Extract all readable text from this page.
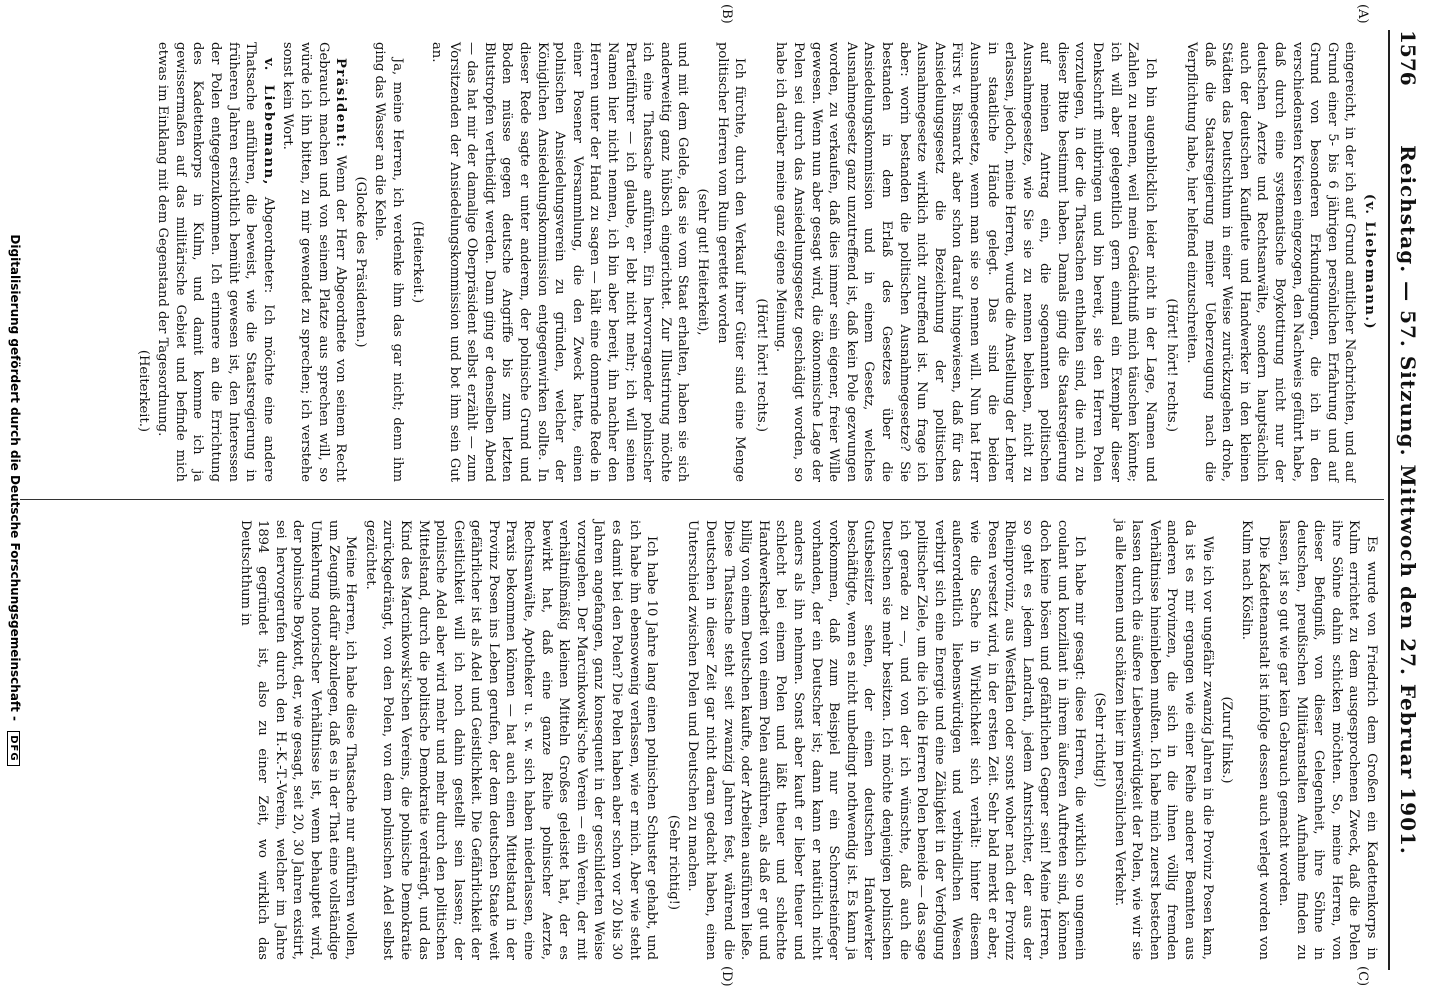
1576
Reichstag. — 57. Sitzung. Mittwoch den 27. Februar 1901.
(A)
(B)
(C)
(D)

(v. Liebemann.)

eingereicht, in der ich auf Grund amtlicher Nachrichten, und auf Grund einer 5- bis 6 jährigen persönlichen Erfahrung und auf Grund von besonderen Erkundigungen, die ich in den verschiedensten Kreisen eingezogen, den Nachweis geführt habe, daß durch eine systematische Boykottirung nicht nur der deutschen Aerzte und Rechtsanwälte, sondern hauptsächlich auch der deutschen Kaufleute und Handwerker in den kleinen Städten das Deutschthum in einer Weise zurückzugehen drohe, daß die Staatsregierung meiner Ueberzeugung nach die Verpflichtung habe, hier helfend einzuschreiten.

(Hört! hört! rechts.)

Ich bin augenblicklich leider nicht in der Lage, Namen und Zahlen zu nennen, weil mein Gedächtniß mich täuschen könnte; ich will aber gelegentlich gern einmal ein Exemplar dieser Denkschrift mitbringen und bin bereit, sie den Herren Polen vorzulegen, in der die Thatsachen enthalten sind, die mich zu dieser Bitte bestimmt haben. Damals ging die Staatsregierung auf meinen Antrag ein, die sogenannten politischen Ausnahmegesetze, wie Sie sie zu nennen belieben, nicht zu erlassen, jedoch, meine Herren, wurde die Anstellung der Lehrer in staatliche Hände gelegt. Das sind die beiden Ausnahmegesetze, wenn man sie so nennen will. Nun hat Herr Fürst v. Bismarck aber schon darauf hingewiesen, daß für das Ansiedelungsgesetz die Bezeichnung der politischen Ausnahmegesetze wirklich nicht zutreffend ist. Nun frage ich aber: worin bestanden die politischen Ausnahmegesetze? Sie bestanden in dem Erlaß des Gesetzes über die Ansiedelungskommission und in einem Gesetz, welches Ausnahmegesetz ganz unzutreffend ist, daß kein Pole gezwungen worden, zu verkaufen, daß dies immer sein eigener, freier Wille gewesen. Wenn nun aber gesagt wird, die ökonomische Lage der Polen sei durch das Ansiedelungsgesetz geschädigt worden, so habe ich darüber meine ganz eigene Meinung.

(Hört! hört! rechts.)

Ich fürchte, durch den Verkauf ihrer Güter sind eine Menge politischer Herren vom Ruin gerettet worden

(sehr gut! Heiterkeit),

und mit dem Gelde, das sie vom Staat erhalten, haben sie sich anderweitig ganz hübsch eingerichtet. Zur Illustrirung möchte ich eine Thatsache anführen. Ein hervorragender polnischer Parteiführer — ich glaube, er lebt nicht mehr; ich will seinen Namen hier nicht nennen, ich bin aber bereit, ihn nachher den Herren unter der Hand zu sagen — hält eine donnernde Rede in einer Posener Versammlung, die den Zweck hatte, einen polnischen Ansiedelungsverein zu gründen, welcher der Königlichen Ansiedelungskommission entgegenwirken sollte. In dieser Rede sagte er unter anderem, der polnische Grund und Boden müsse gegen deutsche Angriffe bis zum letzten Blutstropfen vertheidigt werden. Dann ging er denselben Abend — das hat mir der damalige Oberpräsident selbst erzählt — zum Vorsitzenden der Ansiedelungskommission und bot ihm sein Gut an.

(Heiterkeit.)

Ja, meine Herren, ich verdenke ihm das gar nicht; denn ihm ging das Wasser an die Kehle.

(Glocke des Präsidenten.)

Präsident: Wenn der Herr Abgeordnete von seinem Recht Gebrauch machen und von seinem Platze aus sprechen will, so würde ich ihn bitten, zu mir gewendet zu sprechen; ich verstehe sonst kein Wort.

v. Liebemann, Abgeordneter: Ich möchte eine andere Thatsache anführen, die beweist, wie die Staatsregierung in früheren Jahren ersichtlich bemüht gewesen ist, den Interessen der Polen entgegenzukommen. Ich erinnere an die Errichtung des Kadettenkorps in Kulm, und damit komme ich ja gewissermaßen auf das militärische Gebiet und befinde mich etwas im Einklang mit dem Gegenstand der Tagesordnung.

(Heiterkeit.)

Es wurde von Friedrich dem Großen ein Kadettenkorps in Kulm errichtet zu dem ausgesprochenen Zweck, daß die Polen ihre Söhne dahin schicken möchten. So, meine Herren, von dieser Befugniß, von dieser Gelegenheit, ihre Söhne in deutschen, preußischen Militäranstalten Aufnahme finden zu lassen, ist so gut wie gar kein Gebrauch gemacht worden.

Die Kadettenanstalt ist infolge dessen auch verlegt worden von Kulm nach Köslin.

(Zuruf links.)

Wie ich vor ungefähr zwanzig Jahren in die Provinz Posen kam, da ist es mir ergangen wie einer Reihe anderer Beamten aus anderen Provinzen, die sich in die ihnen völlig fremden Verhältnisse hineinleben mußten. Ich habe mich zuerst bestechen lassen durch die äußere Liebenswürdigkeit der Polen, wie wir sie ja alle kennen und schätzen hier im persönlichen Verkehr.

(Sehr richtig!)

Ich habe mir gesagt: diese Herren, die wirklich so ungemein coulant und konziliant in ihrem äußeren Auftreten sind, können doch keine bösen und gefährlichen Gegner sein! Meine Herren, so geht es jedem Landrath, jedem Amtsrichter, der aus der Rheinprovinz, aus Westfalen oder sonst woher nach der Provinz Posen versetzt wird, in der ersten Zeit. Sehr bald merkt er aber, wie die Sache in Wirklichkeit sich verhält: hinter diesem außerordentlich liebenswürdigen und verbindlichen Wesen verbirgt sich eine Energie und eine Zähigkeit in der Verfolgung politischer Ziele, um die ich die Herren Polen beneide — das sage ich gerade zu —, und von der ich wünschte, daß auch die Deutschen sie mehr besitzen. Ich möchte denjenigen polnischen Gutsbesitzer sehen, der einen deutschen Handwerker beschäftigte, wenn es nicht unbedingt nothwendig ist. Es kann ja vorkommen, daß zum Beispiel nur ein Schornsteinfeger vorhanden, der ein Deutscher ist; dann kann er natürlich nicht anders als ihn nehmen. Sonst aber kauft er lieber theuer und schlecht bei einem Polen und läßt theuer und schlechte Handwerksarbeit von einem Polen ausführen, als daß er gut und billig von einem Deutschen kaufte, oder Arbeiten ausführen ließe. Diese Thatsache steht seit zwanzig Jahren fest, während die Deutschen in dieser Zeit gar nicht daran gedacht haben, einen Unterschied zwischen Polen und Deutschen zu machen.

(Sehr richtig!)

Ich habe 10 Jahre lang einen polnischen Schuster gehabt, und ich habe ihn ebensowenig verlassen, wie er mich. Aber wie steht es damit bei den Polen? Die Polen haben aber schon vor 20 bis 30 Jahren angefangen, ganz konsequent in der geschilderten Weise vorzugehen. Der Marcinkowski'sche Verein — ein Verein, der mit verhältnißmäßig kleinen Mitteln Großes geleistet hat, der es bewirkt hat, daß eine ganze Reihe polnischer Aerzte, Rechtsanwälte, Apotheker u. s. w. sich haben niederlassen, eine Praxis bekommen können — hat auch einen Mittelstand in der Provinz Posen ins Leben gerufen, der dem deutschen Staate weit gefährlicher ist als Adel und Geistlichkeit. Die Gefährlichkeit der Geistlichkeit will ich noch dahin gestellt sein lassen; der polnische Adel aber wird mehr und mehr durch den politischen Mittelstand, durch die politische Demokratie verdrängt, und das Kind des Marcinkowski'schen Vereins, die polnische Demokratie zurückgedrängt, von den Polen, von dem polnischen Adel selbst gezüchtet.

Meine Herren, ich habe diese Thatsache nur anführen wollen, um Zeugniß dafür abzulegen, daß es in der That eine vollständige Umkehrung notorischer Verhältnisse ist, wenn behauptet wird, der polnische Boykott, der, wie gesagt, seit 20, 30 Jahren existirt, sei hervorgerufen durch den H.-K.-T.-Verein, welcher im Jahre 1894 gegründet ist, also zu einer Zeit, wo wirklich das Deutschthum in

Digitalisierung gefördert durch die Deutsche Forschungsgemeinschaft - DFG
